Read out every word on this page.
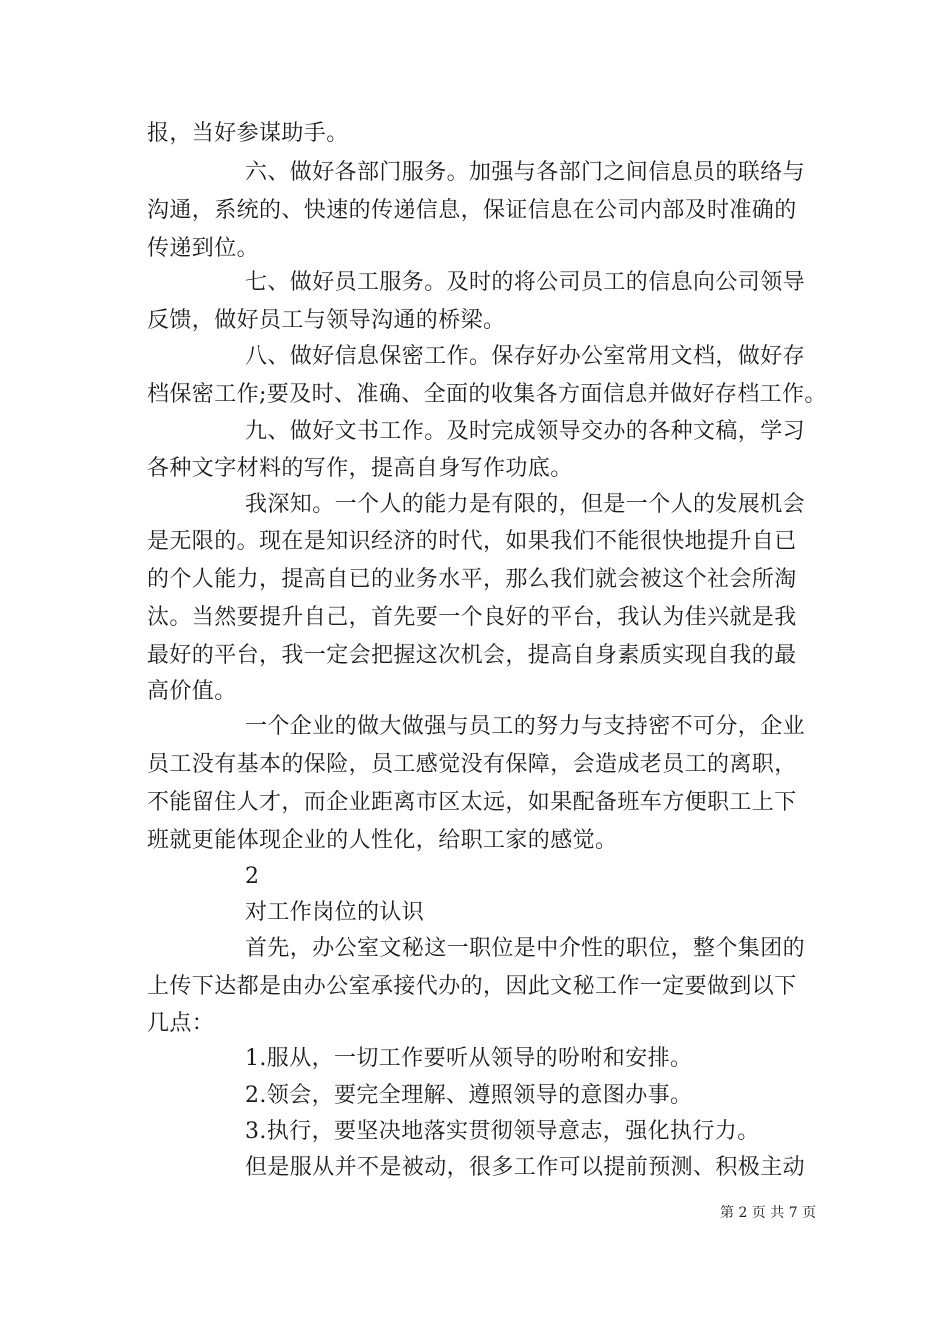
报，当好参谋助手。
六、做好各部门服务。加强与各部门之间信息员的联络与
沟通，系统的、快速的传递信息，保证信息在公司内部及时准确的
传递到位。
七、做好员工服务。及时的将公司员工的信息向公司领导
反馈，做好员工与领导沟通的桥梁。
八、做好信息保密工作。保存好办公室常用文档，做好存
档保密工作;要及时、准确、全面的收集各方面信息并做好存档工作。
九、做好文书工作。及时完成领导交办的各种文稿，学习
各种文字材料的写作，提高自身写作功底。
我深知。一个人的能力是有限的，但是一个人的发展机会
是无限的。现在是知识经济的时代，如果我们不能很快地提升自已
的个人能力，提高自已的业务水平，那么我们就会被这个社会所淘
汰。当然要提升自己，首先要一个良好的平台，我认为佳兴就是我
最好的平台，我一定会把握这次机会，提高自身素质实现自我的最
高价值。
一个企业的做大做强与员工的努力与支持密不可分，企业
员工没有基本的保险，员工感觉没有保障，会造成老员工的离职，
不能留住人才，而企业距离市区太远，如果配备班车方便职工上下
班就更能体现企业的人性化，给职工家的感觉。
2
对工作岗位的认识
首先，办公室文秘这一职位是中介性的职位，整个集团的
上传下达都是由办公室承接代办的，因此文秘工作一定要做到以下
几点：
1.服从，一切工作要听从领导的吩咐和安排。
2.领会，要完全理解、遵照领导的意图办事。
3.执行，要坚决地落实贯彻领导意志，强化执行力。
但是服从并不是被动，很多工作可以提前预测、积极主动
第 2 页 共 7 页
